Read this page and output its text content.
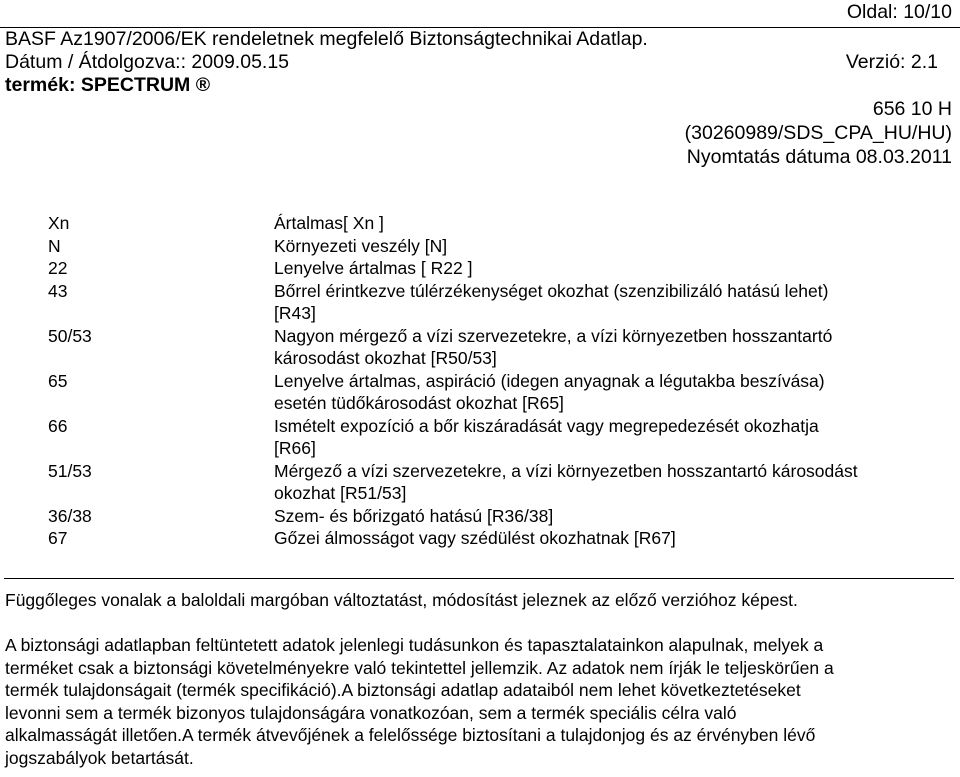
Oldal: 10/10
BASF Az1907/2006/EK rendeletnek megfelelő Biztonságtechnikai Adatlap.
Dátum / Átdolgozva:: 2009.05.15	Verzió: 2.1
termék: SPECTRUM ®
656 10 H
(30260989/SDS_CPA_HU/HU)
Nyomtatás dátuma 08.03.2011
Xn	Ártalmas[ Xn ]
N	Környezeti veszély [N]
22	Lenyelve ártalmas [ R22 ]
43	Bőrrel érintkezve túlérzékenységet okozhat (szenzibilizáló hatású lehet)
[R43]
50/53	Nagyon mérgező a vízi szervezetekre, a vízi környezetben hosszantartó
károsodást okozhat [R50/53]
65	Lenyelve ártalmas, aspiráció (idegen anyagnak a légutakba beszívása)
esetén tüdőkárosodást okozhat [R65]
66	Ismételt expozíció a bőr kiszáradását vagy megrepedezését okozhatja
[R66]
51/53	Mérgező a vízi szervezetekre, a vízi környezetben hosszantartó károsodást
okozhat [R51/53]
36/38	Szem- és bőrizgató hatású [R36/38]
67	Gőzei álmosságot vagy szédülést okozhatnak [R67]
Függőleges vonalak a baloldali margóban változtatást, módosítást jeleznek az előző verzióhoz képest.
A biztonsági adatlapban feltüntetett adatok jelenlegi tudásunkon és tapasztalatainkon alapulnak, melyek a
terméket csak a biztonsági követelményekre való tekintettel jellemzik. Az adatok nem írják le teljeskörűen a
termék tulajdonságait (termék specifikáció).A biztonsági adatlap adataiból nem lehet következtetéseket
levonni sem a termék bizonyos tulajdonságára vonatkozóan, sem a termék speciális célra való
alkalmasságát illetően.A termék átvevőjének a felelőssége biztosítani a tulajdonjog és az érvényben lévő
jogszabályok betartását.
